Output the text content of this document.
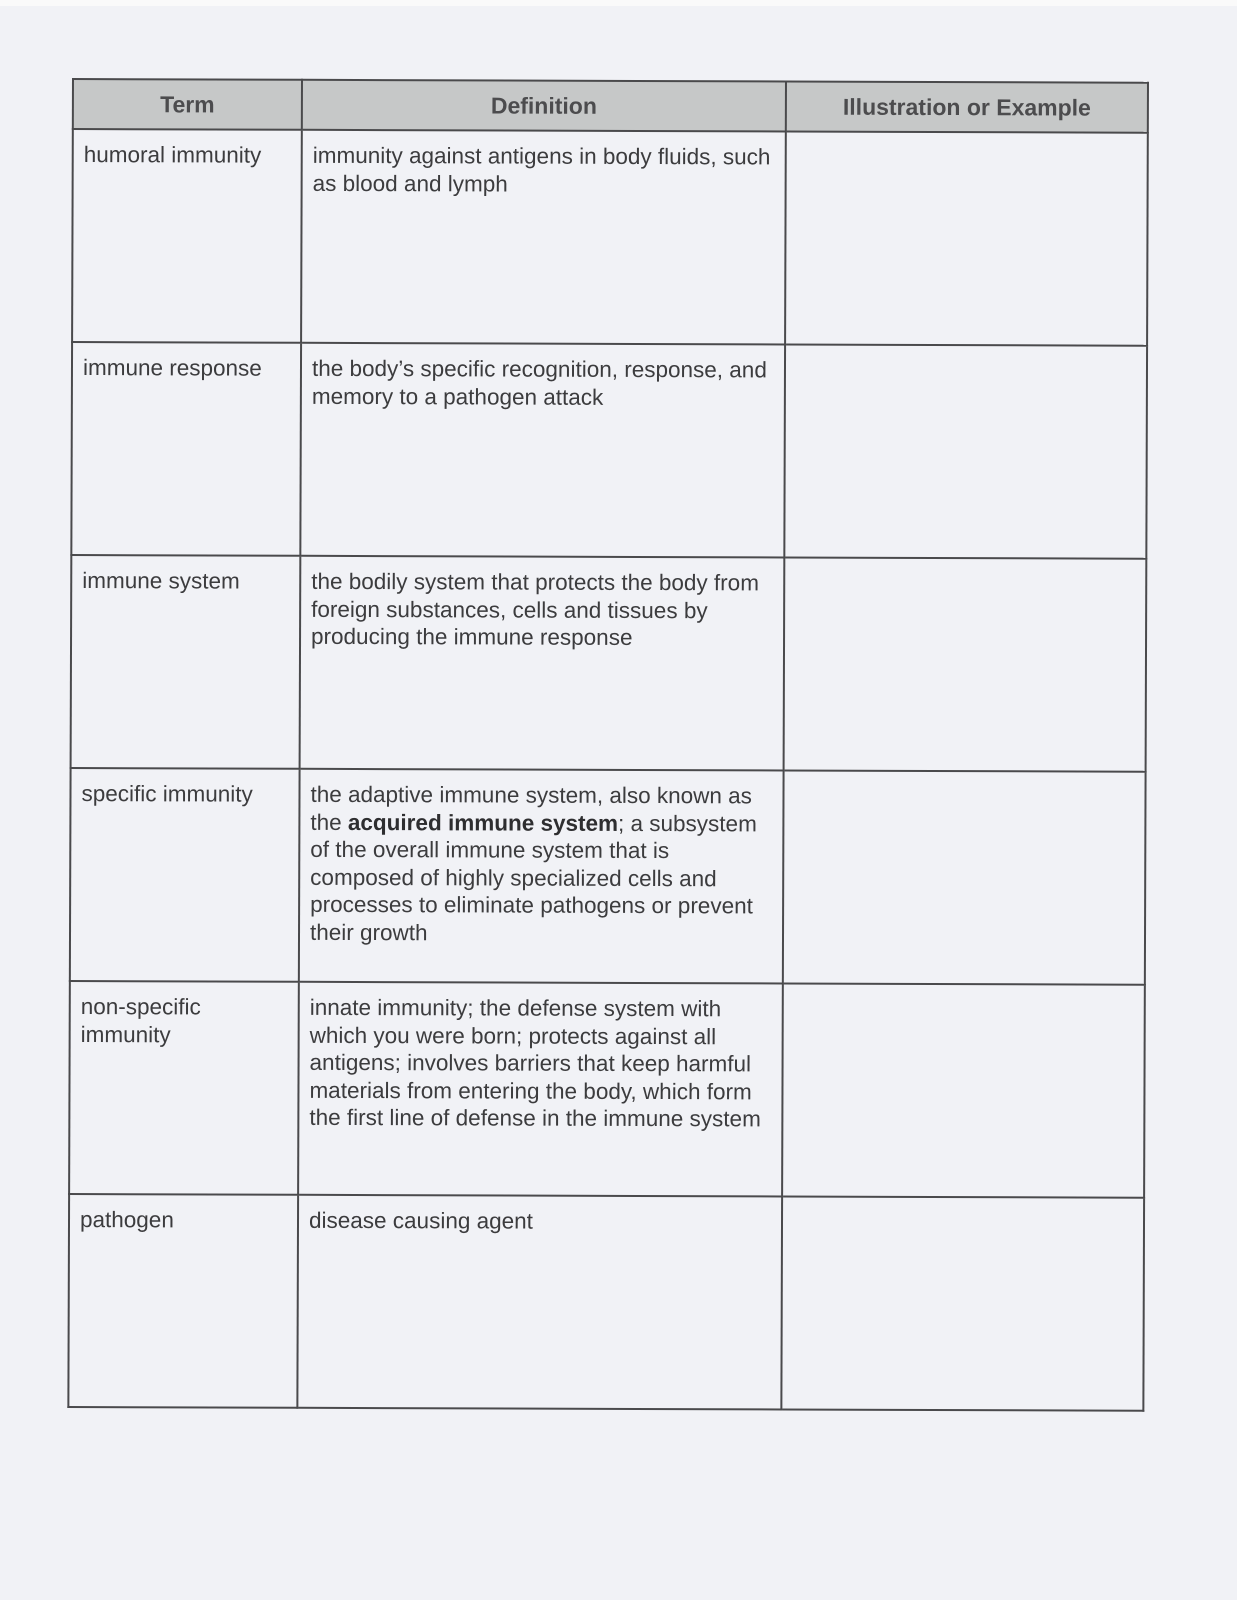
Term	Definition	Illustration or Example
humoral immunity	immunity against antigens in body fluids, such as blood and lymph	
immune response	the body’s specific recognition, response, and memory to a pathogen attack	
immune system	the bodily system that protects the body from foreign substances, cells and tissues by producing the immune response	
specific immunity	the adaptive immune system, also known as the acquired immune system; a subsystem of the overall immune system that is composed of highly specialized cells and processes to eliminate pathogens or prevent their growth	
non-specific immunity	innate immunity; the defense system with which you were born; protects against all antigens; involves barriers that keep harmful materials from entering the body, which form the first line of defense in the immune system	
pathogen	disease causing agent	
